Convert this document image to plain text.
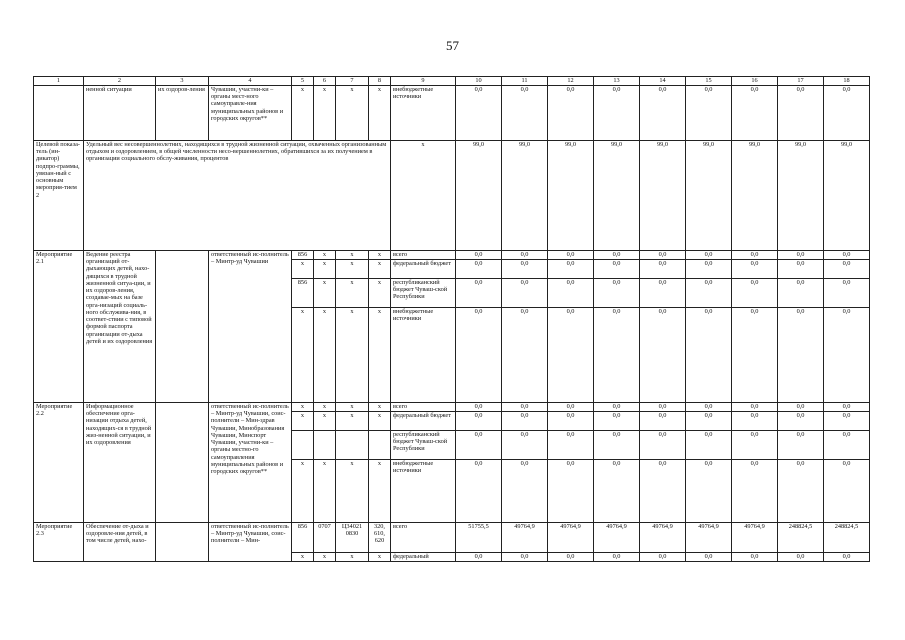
57
1	2	3	4	5	6	7	8	9	10	11	12	13	14	15	16	17	18
	ненной ситуации	их оздоров-ления	Чувашии, участни-ки – органы мест-ного самоуправле-ния муниципальных районов и городских округов**	x	x	x	x	внебюджетные источники	0,0	0,0	0,0	0,0	0,0	0,0	0,0	0,0	0,0
Целевой показа-тель (ин-дикатор) подпро-граммы, увязан-ный с основным мероприя-тием 2	Удельный вес несовершеннолетних, находящихся в трудной жизненной ситуации, охваченных организованным отдыхом и оздоровлением, в общей численности несо-вершеннолетних, обратившихся за их получением в организации социального обслу-живания, процентов							x	99,0	99,0	99,0	99,0	99,0	99,0	99,0	99,0	99,0
Мероприятие 2.1	Ведение реестра организаций от-дыхающих детей, нахо-дящихся в трудной жизненной ситуа-ции, и их оздоров-ления, создавае-мых на базе орга-низаций социаль-ного обслужива-ния, в соответ-ствии с типовой формой паспорта организации от-дыха детей и их оздоровления		ответственный ис-полнитель – Минтр-уд Чувашии	856	x	x	x	всего	0,0	0,0	0,0	0,0	0,0	0,0	0,0	0,0	0,0
				x	x	x	x	федеральный бюджет	0,0	0,0	0,0	0,0	0,0	0,0	0,0	0,0	0,0
				856	x	x	x	республиканский бюджет Чуваш-ской Республики	0,0	0,0	0,0	0,0	0,0	0,0	0,0	0,0	0,0
				x	x	x	x	внебюджетные источники	0,0	0,0	0,0	0,0	0,0	0,0	0,0	0,0	0,0
Мероприятие 2.2	Информационное обеспечение орга-низации отдыха детей, находящих-ся в трудной жиз-ненной ситуации, и их оздоровления		ответственный ис-полнитель – Минтр-уд Чувашии, соис-полнители – Мин-здрав Чувашии, Минобразования Чувашии, Минспорт Чувашии, участни-ки – органы местно-го самоуправления муниципальных районов и городских округов**	x	x	x	x	всего	0,0	0,0	0,0	0,0	0,0	0,0	0,0	0,0	0,0
				x	x	x	x	федеральный бюджет	0,0	0,0	0,0	0,0	0,0	0,0	0,0	0,0	0,0
								республиканский бюджет Чуваш-ской Республики	0,0	0,0	0,0	0,0	0,0	0,0	0,0	0,0	0,0
				x	x	x	x	внебюджетные источники	0,0	0,0	0,0	0,0	0,0	0,0	0,0	0,0	0,0
Мероприятие 2.3	Обеспечение от-дыха и оздоровле-ния детей, в том числе детей, нахо-		ответственный ис-полнитель – Минтр-уд Чувашии, соис-полнители – Мин-	856	0707	Ц34021 0830	320, 610, 620	всего	51755,5	49764,9	49764,9	49764,9	49764,9	49764,9	49764,9	248824,5	248824,5
				x	x	x	x	федеральный	0,0	0,0	0,0	0,0	0,0	0,0	0,0	0,0	0,0
